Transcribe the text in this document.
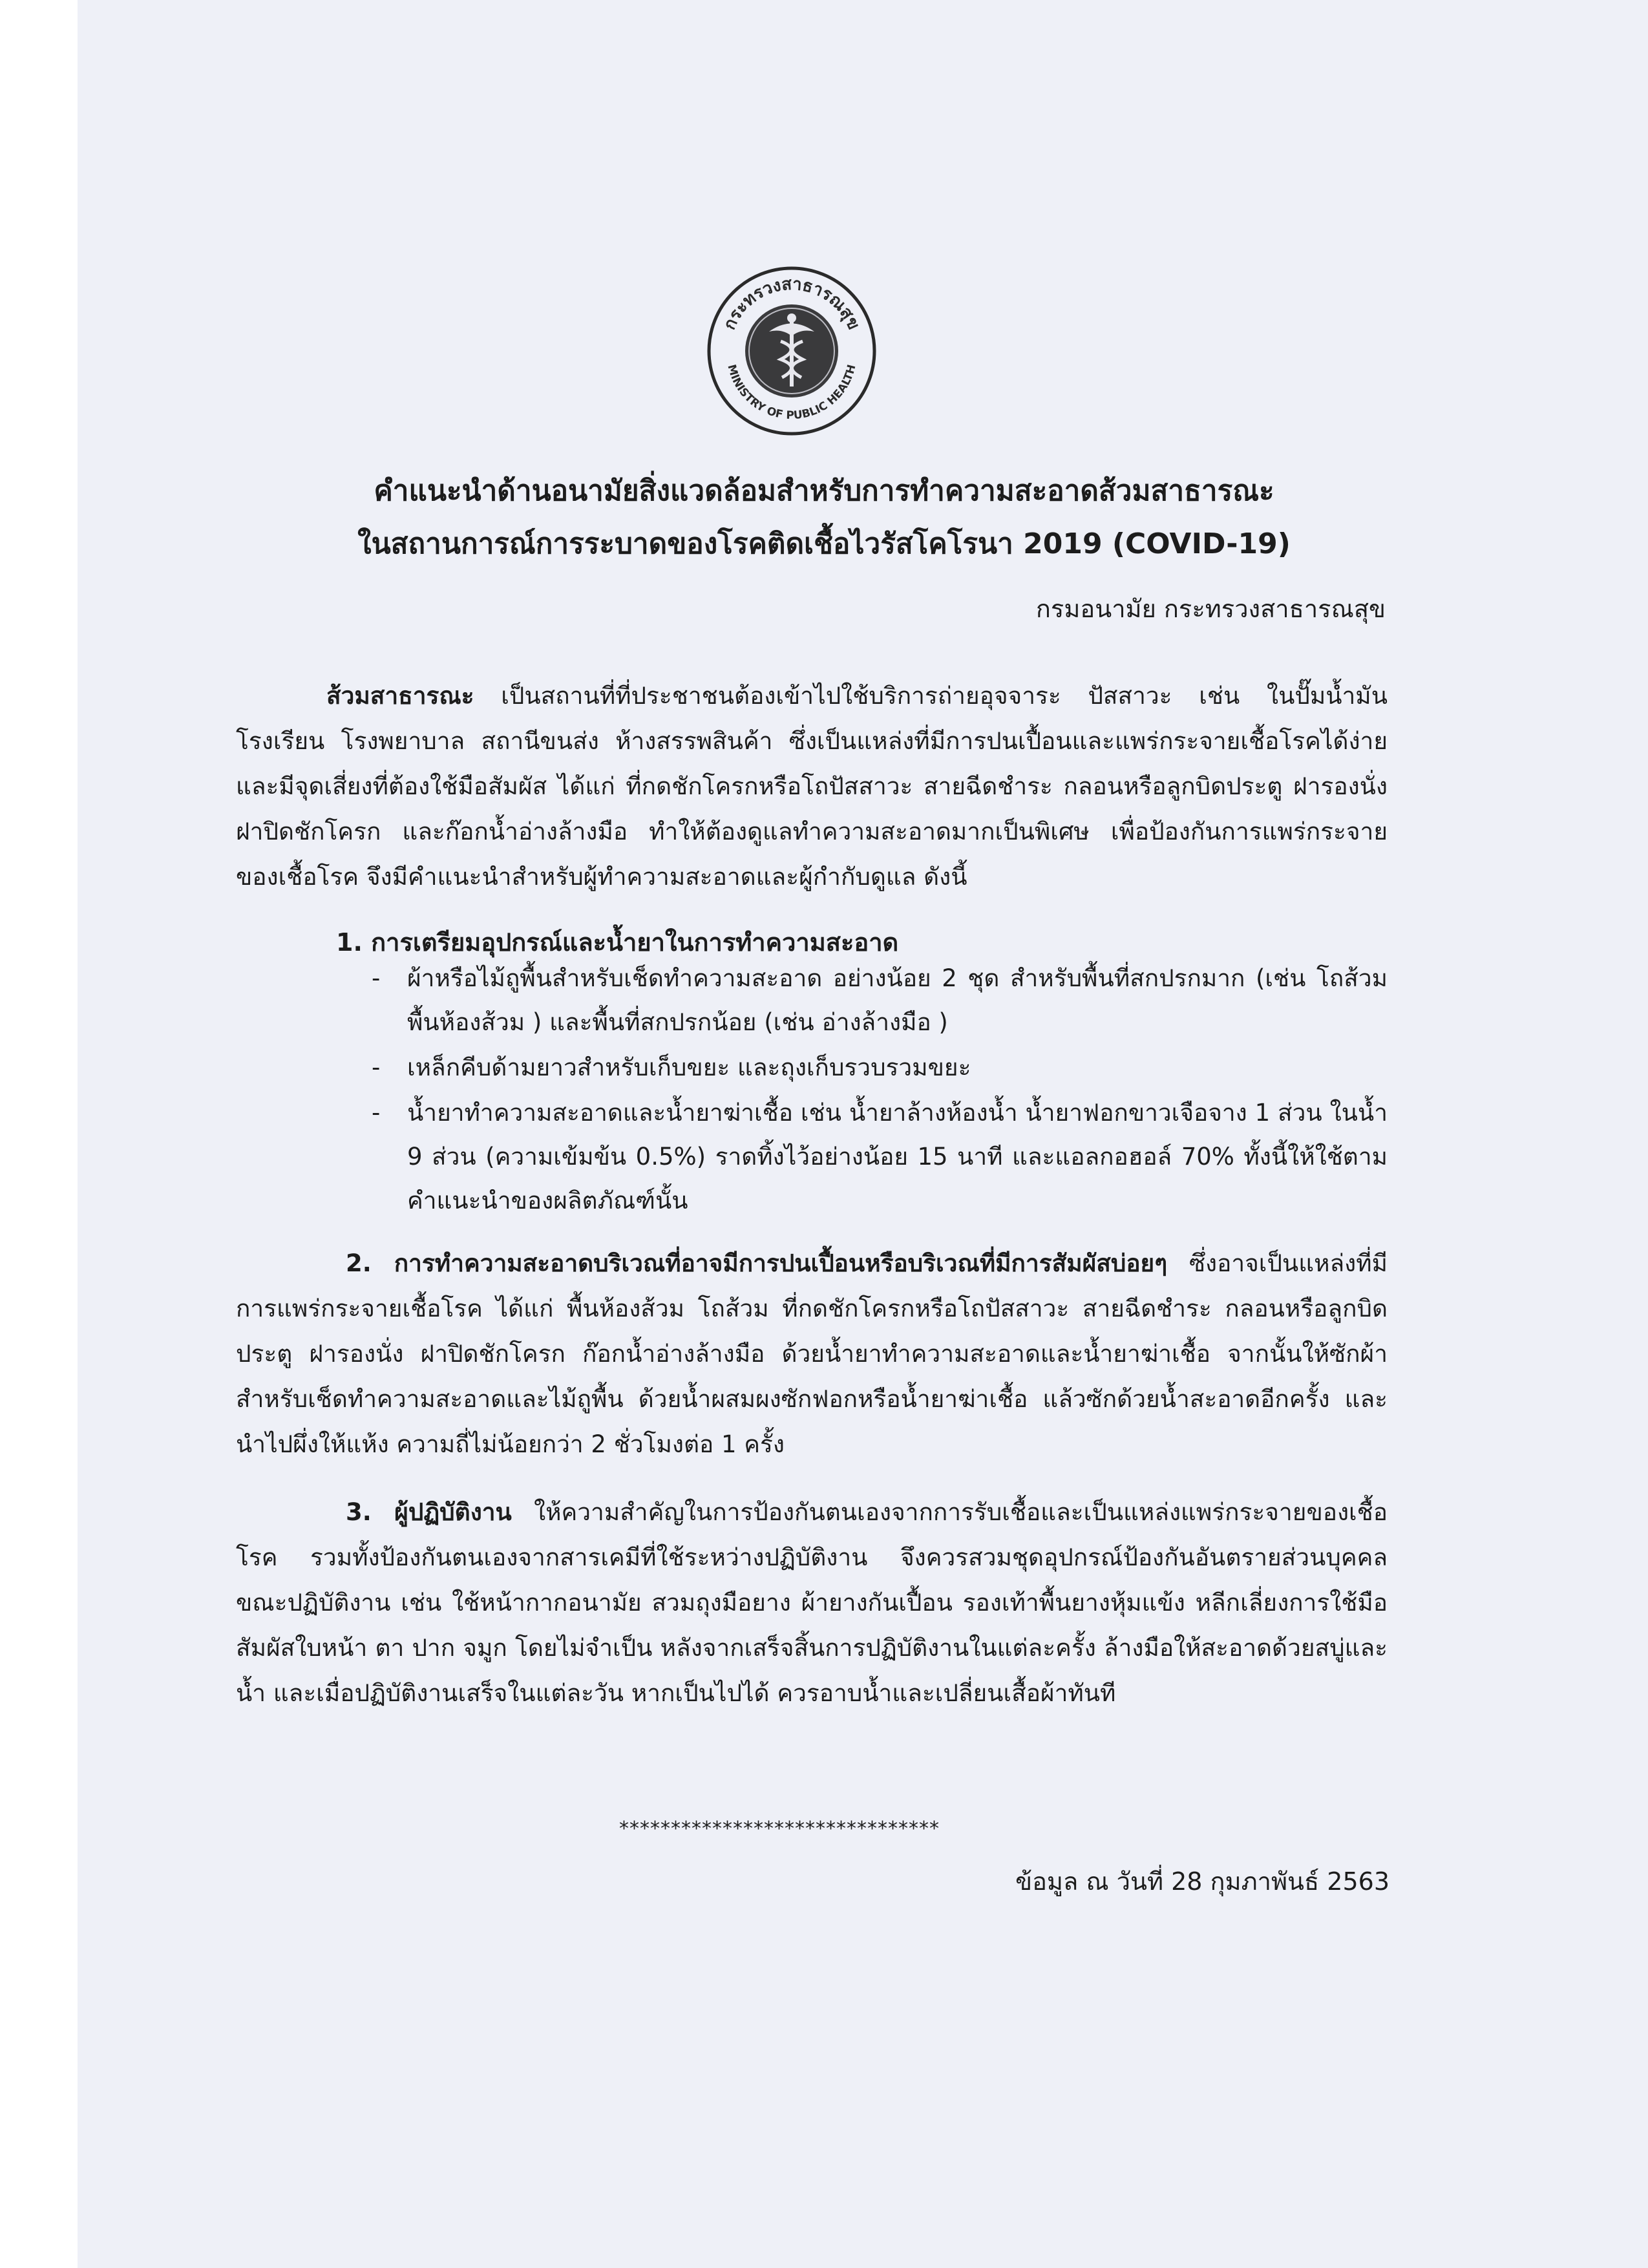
กระทรวงสาธารณสุข
MINISTRY OF PUBLIC HEALTH
คำแนะนำด้านอนามัยสิ่งแวดล้อมสำหรับการทำความสะอาดส้วมสาธารณะ
ในสถานการณ์การระบาดของโรคติดเชื้อไวรัสโคโรนา 2019 (COVID-19)
กรมอนามัย กระทรวงสาธารณสุข

ส้วมสาธารณะ เป็นสถานที่ที่ประชาชนต้องเข้าไปใช้บริการถ่ายอุจจาระ ปัสสาวะ เช่น ในปั๊มน้ำมัน โรงเรียน โรงพยาบาล สถานีขนส่ง ห้างสรรพสินค้า ซึ่งเป็นแหล่งที่มีการปนเปื้อนและแพร่กระจายเชื้อโรคได้ง่าย และมีจุดเสี่ยงที่ต้องใช้มือสัมผัส ได้แก่ ที่กดชักโครกหรือโถปัสสาวะ สายฉีดชำระ กลอนหรือลูกบิดประตู ฝารองนั่ง ฝาปิดชักโครก และก๊อกน้ำอ่างล้างมือ ทำให้ต้องดูแลทำความสะอาดมากเป็นพิเศษ เพื่อป้องกันการแพร่กระจายของเชื้อโรค จึงมีคำแนะนำสำหรับผู้ทำความสะอาดและผู้กำกับดูแล ดังนี้

1. การเตรียมอุปกรณ์และน้ำยาในการทำความสะอาด
- ผ้าหรือไม้ถูพื้นสำหรับเช็ดทำความสะอาด อย่างน้อย 2 ชุด สำหรับพื้นที่สกปรกมาก (เช่น โถส้วม พื้นห้องส้วม ) และพื้นที่สกปรกน้อย (เช่น อ่างล้างมือ )
- เหล็กคีบด้ามยาวสำหรับเก็บขยะ และถุงเก็บรวบรวมขยะ
- น้ำยาทำความสะอาดและน้ำยาฆ่าเชื้อ เช่น น้ำยาล้างห้องน้ำ น้ำยาฟอกขาวเจือจาง 1 ส่วน ในน้ำ 9 ส่วน (ความเข้มข้น 0.5%) ราดทิ้งไว้อย่างน้อย 15 นาที และแอลกอฮอล์ 70% ทั้งนี้ให้ใช้ตามคำแนะนำของผลิตภัณฑ์นั้น

2. การทำความสะอาดบริเวณที่อาจมีการปนเปื้อนหรือบริเวณที่มีการสัมผัสบ่อยๆ ซึ่งอาจเป็นแหล่งที่มีการแพร่กระจายเชื้อโรค ได้แก่ พื้นห้องส้วม โถส้วม ที่กดชักโครกหรือโถปัสสาวะ สายฉีดชำระ กลอนหรือลูกบิดประตู ฝารองนั่ง ฝาปิดชักโครก ก๊อกน้ำอ่างล้างมือ ด้วยน้ำยาทำความสะอาดและน้ำยาฆ่าเชื้อ จากนั้นให้ซักผ้าสำหรับเช็ดทำความสะอาดและไม้ถูพื้น ด้วยน้ำผสมผงซักฟอกหรือน้ำยาฆ่าเชื้อ แล้วซักด้วยน้ำสะอาดอีกครั้ง และนำไปผึ่งให้แห้ง ความถี่ไม่น้อยกว่า 2 ชั่วโมงต่อ 1 ครั้ง

3. ผู้ปฏิบัติงาน ให้ความสำคัญในการป้องกันตนเองจากการรับเชื้อและเป็นแหล่งแพร่กระจายของเชื้อโรค รวมทั้งป้องกันตนเองจากสารเคมีที่ใช้ระหว่างปฏิบัติงาน จึงควรสวมชุดอุปกรณ์ป้องกันอันตรายส่วนบุคคลขณะปฏิบัติงาน เช่น ใช้หน้ากากอนามัย สวมถุงมือยาง ผ้ายางกันเปื้อน รองเท้าพื้นยางหุ้มแข้ง หลีกเลี่ยงการใช้มือสัมผัสใบหน้า ตา ปาก จมูก โดยไม่จำเป็น หลังจากเสร็จสิ้นการปฏิบัติงานในแต่ละครั้ง ล้างมือให้สะอาดด้วยสบู่และน้ำ และเมื่อปฏิบัติงานเสร็จในแต่ละวัน หากเป็นไปได้ ควรอาบน้ำและเปลี่ยนเสื้อผ้าทันที

*******************************
ข้อมูล ณ วันที่ 28 กุมภาพันธ์ 2563
